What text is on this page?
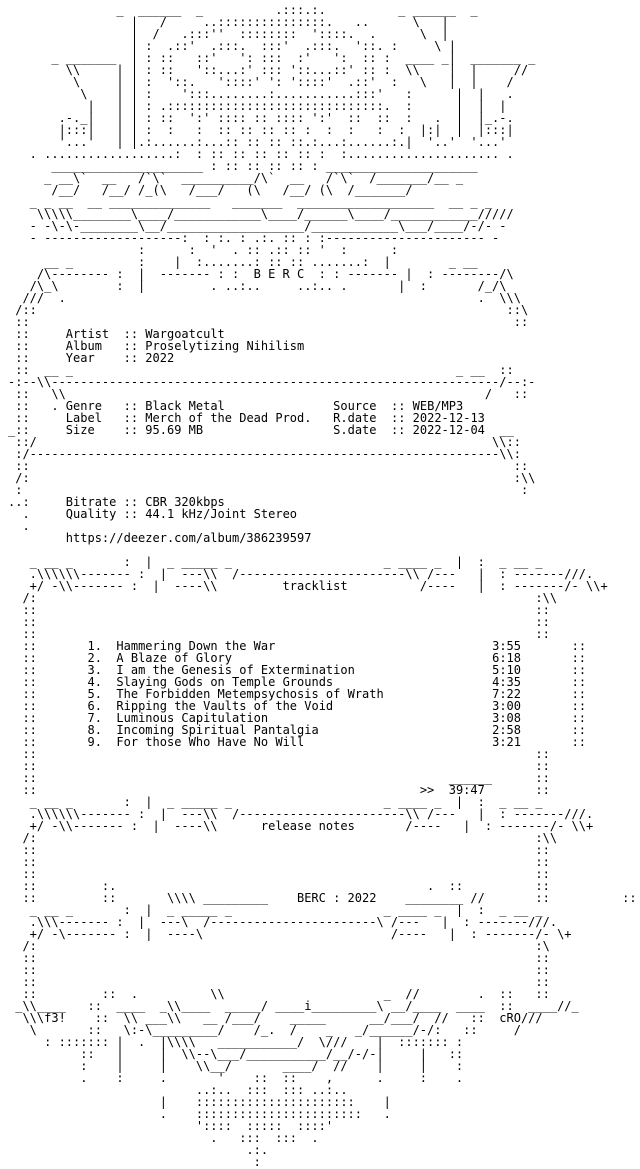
_  ______  _          .:::.:.          _ ______  _
|   /     ..:::::::::::::::.   ..      \   |
|  /   .:::''  ::::::::  '::::.  .      \  |
| :  .::'  .:::.  :::'  .:::.  '::. :     \ |
_ _______  | : ::   ::'   ': :::  :'   ':  :: :  ____ _|  _______ _
\\     | | : ::   '::...:' ::: '::...::' :: :  \\    |  |     //
\     | | :  '::.   '::::' ': '::::'  .::'  :   \   |  |    /
\    | | :    ':::........:...........:::'   :      |  |   .
|   | | : .::::::::::::::::::::::::::::::.  :      |  |  |
.-._|   | | : ::  ':' :::: :: :::: ':'  ::  ::  :   .  |  |_.-.
|:::|   | | :  :   :  :: :: :: :: :  :  :   :  :  |:|  |  |:::|
'...'   | |.:......:...:: :: :: ::.:...:......:.|  '..'  '...'
. ..................:  : :: :: :: :: :: :  :..................... .
_____________________ : :: :: :: :: : _____________________
_ __\`  __   /`\`  __________/\`  __   /`\`  /_______/__ _
/__/   /__/ /_(\   /___/   (\   /__/ (\  /_______/
_ _ __  __ ______________   _______  ___________________  __ _ _
\\\\\________\____/____________\____/______\____/____________/////
- -\-\-________\__/___________________/____________\___/____/-/- -
- -------------------:  : :. : .:. :: : :---------------------- -
:      :  '  . :: .:: :: '  :      :
__ _         :    |  :.......: :: :: .......:  |        _ __
/\-------- :  |  ------- : :  B E R C  : : ------- |  : --------/\
/\_\        :  |         . ..:..     ..:.. .       |  :       /_/\
///  .                                                         .  \\\
/::                                                                 ::\
::                                                                   ::
::     Artist :: Wargoatcult
::     Album :: Proselytizing Nihilism
::     Year :: 2022
::  __ _                                                     _ __  ::
-:--\\--------------------------------------------------------------/--:-
::   \\                                                          /   ::
::   . Genre :: Black Metal	Source :: WEB/MP3
::     Label :: Merch of the Dead Prod. R.date :: 2022-12-13
_::     Size :: 95.69 MB	S.date :: 2022-12-04  __
::/                                                               \\::
:/-----------------------------------------------------------------\\:
::                                                                   ::
/:                                                                   :\\
:                                                                     :
..:     Bitrate :: CBR 320kbps
.     Quality :: 44.1 kHz/Joint Stereo
.
https://deezer.com/album/386239597

_ __ _       :  |  _ _____ _                     _ ____ _  |  :  _ __ _
.\\\\\\------- :  |  ---\\  /-----------------------\\ /---   |  : -------///.
+/ -\\------- :  |  ----\\         tracklist          /----   |  : -------/- \\+
/:                                                                     :\\
::                                                                     ::
::                                                                     ::
::                                                                     ::
::       1.  Hammering Down the War	3:55       ::
::       2.  A Blaze of Glory	6:18       ::
::       3.  I am the Genesis of Extermination	5:10       ::
::       4.  Slaying Gods on Temple Grounds	4:35       ::
::       5.  The Forbidden Metempsychosis of Wrath	7:22       ::
::       6.  Ripping the Vaults of the Void	3:00       ::
::       7.  Luminous Capitulation	3:08       ::
::       8.  Incoming Spiritual Pantalgia	2:58       ::
::       9.  For those Who Have No Will	3:21       ::
::                                                                     ::
::                                                                     ::
::                                                         ______      ::
::                                                     >> 39:47       ::
_ __ _       :  |  _ _____ _                     _ ____ _  |  :  _ __ _
.\\\\\\------- :  |  ---\\  /-----------------------\\ /---   |  : -------///.
+/ -\\------- :  |  ----\\      release notes       /----   |  : -------/- \\+
/:                                                                     :\\
::                                                                     ::
::                                                                     ::
::                                                                     ::
::         :.                                           .  ::          ::
::         ::       \\\\ _________    BERC : 2022    ________ //       ::          ::
_ __ _       :  |  _ _____ _                     _ ____ _  |  :  _ __ _
.\\\------- :  |  ---\  /-----------------------\ /---   |  : -------///.
+/ -\------- :  |  ----\                          /----   |  : -------/- \+
/:                                                                     :\
::                                                                     ::
::                                                                     ::
::                                                                     ::
::         ::  .          \\                      _  //        .  ::   ::
_\\____   ::  ____  _\\____  _____/ ____i_________\ __/____  ____  ::  ____//_
\\\f3!    ::  \\ ___\\   __ /___/    _____      __/___/  //   ::  cRO///
\       ::   \:-\_________/    /_.  /    _   _/______/-/:   ::     /
: ::::::: |  .  |\\\\   ___________/  \///    |  ::::::: :
::   |     |  \\--\___/___________/__/-/-|     |   ::
:    |     |    \\__/       ____/  //    |     |    :
.    :     .       '    ::  ::    ,      .     :    .
..:..  :::  ::: ..:..
|    ::::::::::::::::::::::    |
.    :::::::::::::::::::::::   .
'::::  :::::  ::::'
.   :::  :::  .
.:.
:
